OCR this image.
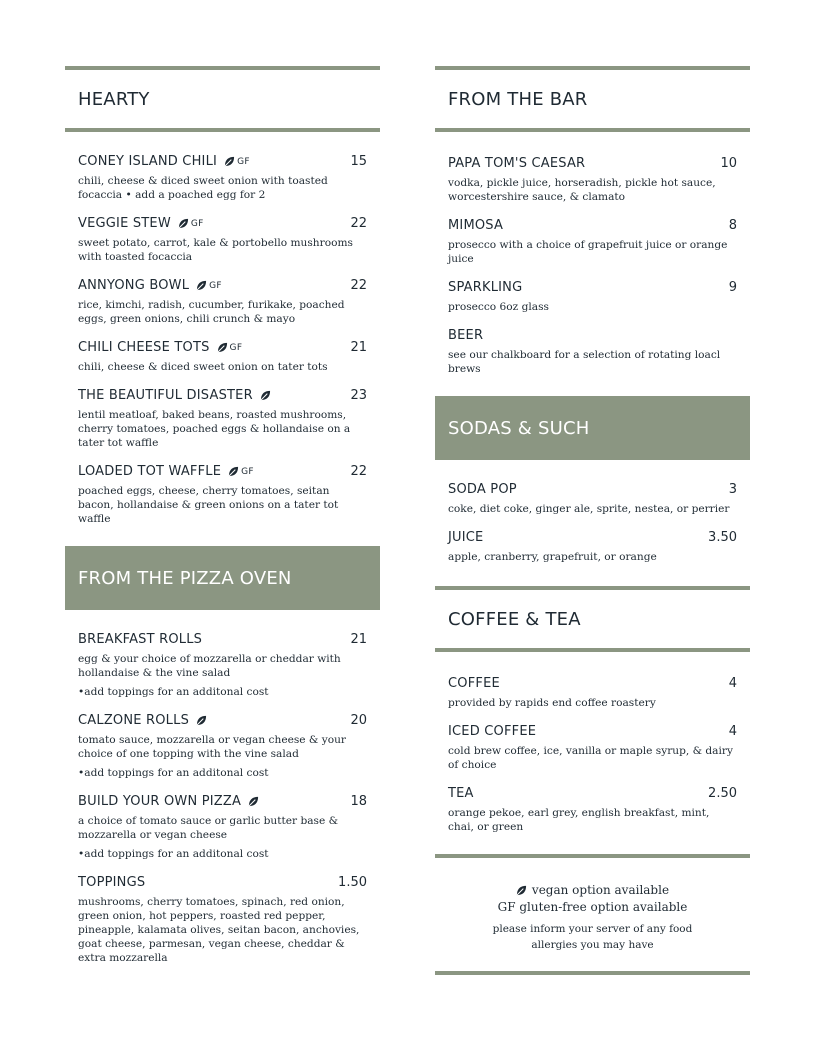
HEARTY
CONEY ISLAND CHILI GF	15
chili, cheese & diced sweet onion with toasted focaccia • add a poached egg for 2
VEGGIE STEW GF	22
sweet potato, carrot, kale & portobello mushrooms with toasted focaccia
ANNYONG BOWL GF	22
rice, kimchi, radish, cucumber, furikake, poached eggs, green onions, chili crunch & mayo
CHILI CHEESE TOTS GF	21
chili, cheese & diced sweet onion on tater tots
THE BEAUTIFUL DISASTER	23
lentil meatloaf, baked beans, roasted mushrooms, cherry tomatoes, poached eggs & hollandaise on a tater tot waffle
LOADED TOT WAFFLE GF	22
poached eggs, cheese, cherry tomatoes, seitan bacon, hollandaise & green onions on a tater tot waffle
FROM THE PIZZA OVEN
BREAKFAST ROLLS	21
egg & your choice of mozzarella or cheddar with hollandaise & the vine salad
•add toppings for an additonal cost
CALZONE ROLLS	20
tomato sauce, mozzarella or vegan cheese & your choice of one topping with the vine salad
•add toppings for an additonal cost
BUILD YOUR OWN PIZZA	18
a choice of tomato sauce or garlic butter base & mozzarella or vegan cheese
•add toppings for an additonal cost
TOPPINGS	1.50
mushrooms, cherry tomatoes, spinach, red onion, green onion, hot peppers, roasted red pepper, pineapple, kalamata olives, seitan bacon, anchovies, goat cheese, parmesan, vegan cheese, cheddar & extra mozzarella
FROM THE BAR
PAPA TOM'S CAESAR	10
vodka, pickle juice, horseradish, pickle hot sauce, worcestershire sauce, & clamato
MIMOSA	8
prosecco with a choice of grapefruit juice or orange juice
SPARKLING	9
prosecco 6oz glass
BEER
see our chalkboard for a selection of rotating loacl brews
SODAS & SUCH
SODA POP	3
coke, diet coke, ginger ale, sprite, nestea, or perrier
JUICE	3.50
apple, cranberry, grapefruit, or orange
COFFEE & TEA
COFFEE	4
provided by rapids end coffee roastery
ICED COFFEE	4
cold brew coffee, ice, vanilla or maple syrup, & dairy of choice
TEA	2.50
orange pekoe, earl grey, english breakfast, mint, chai, or green
vegan option available
GF gluten-free option available
please inform your server of any food allergies you may have
